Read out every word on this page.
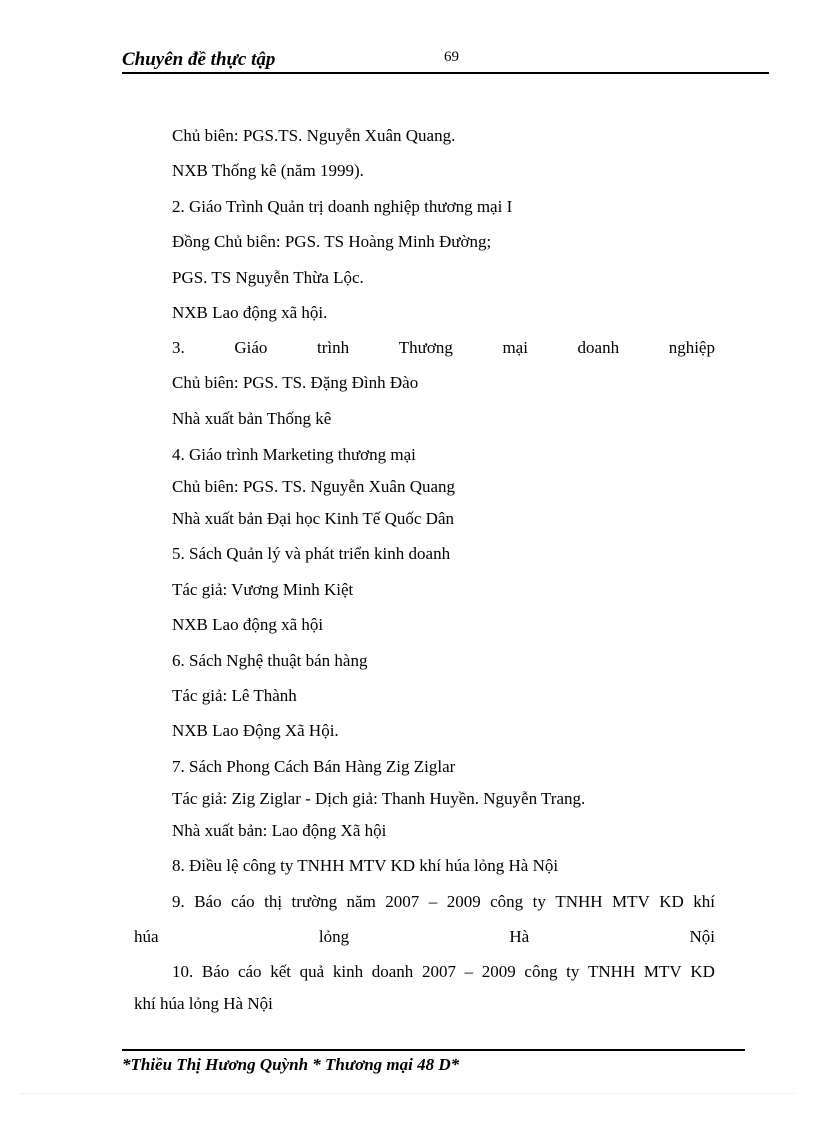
Chuyên đề thực tập	69
Chủ biên: PGS.TS. Nguyễn Xuân Quang.
NXB Thống kê (năm 1999).
2. Giáo Trình Quản trị doanh nghiệp thương mại I
Đồng Chủ biên: PGS. TS Hoàng Minh Đường;
PGS. TS Nguyễn Thừa Lộc.
NXB Lao động xã hội.
3.	Giáo	trình	Thương	mại	doanh	nghiệp
Chủ biên: PGS. TS. Đặng Đình Đào
Nhà xuất bản Thống kê
4. Giáo trình Marketing thương mại
Chủ biên: PGS. TS. Nguyễn Xuân Quang
Nhà xuất bản Đại học Kinh Tế Quốc Dân
5. Sách Quản lý và phát triển kinh doanh
Tác giả: Vương Minh Kiệt
NXB Lao động xã hội
6. Sách Nghệ thuật bán hàng
Tác giả: Lê Thành
NXB Lao Động Xã Hội.
7. Sách Phong Cách Bán Hàng Zig Ziglar
Tác giả: Zig Ziglar - Dịch giả: Thanh Huyền. Nguyễn Trang.
Nhà xuất bản: Lao động Xã hội
8. Điều lệ công ty TNHH MTV KD khí húa lỏng Hà Nội
9. Báo cáo thị trường năm 2007 – 2009 công ty TNHH MTV KD khí
húa	lỏng	Hà	Nội
10. Báo cáo kết quả kinh doanh 2007 – 2009 công ty TNHH MTV KD
khí húa lỏng Hà Nội
*Thiều Thị Hương Quỳnh * Thương mại 48 D*
